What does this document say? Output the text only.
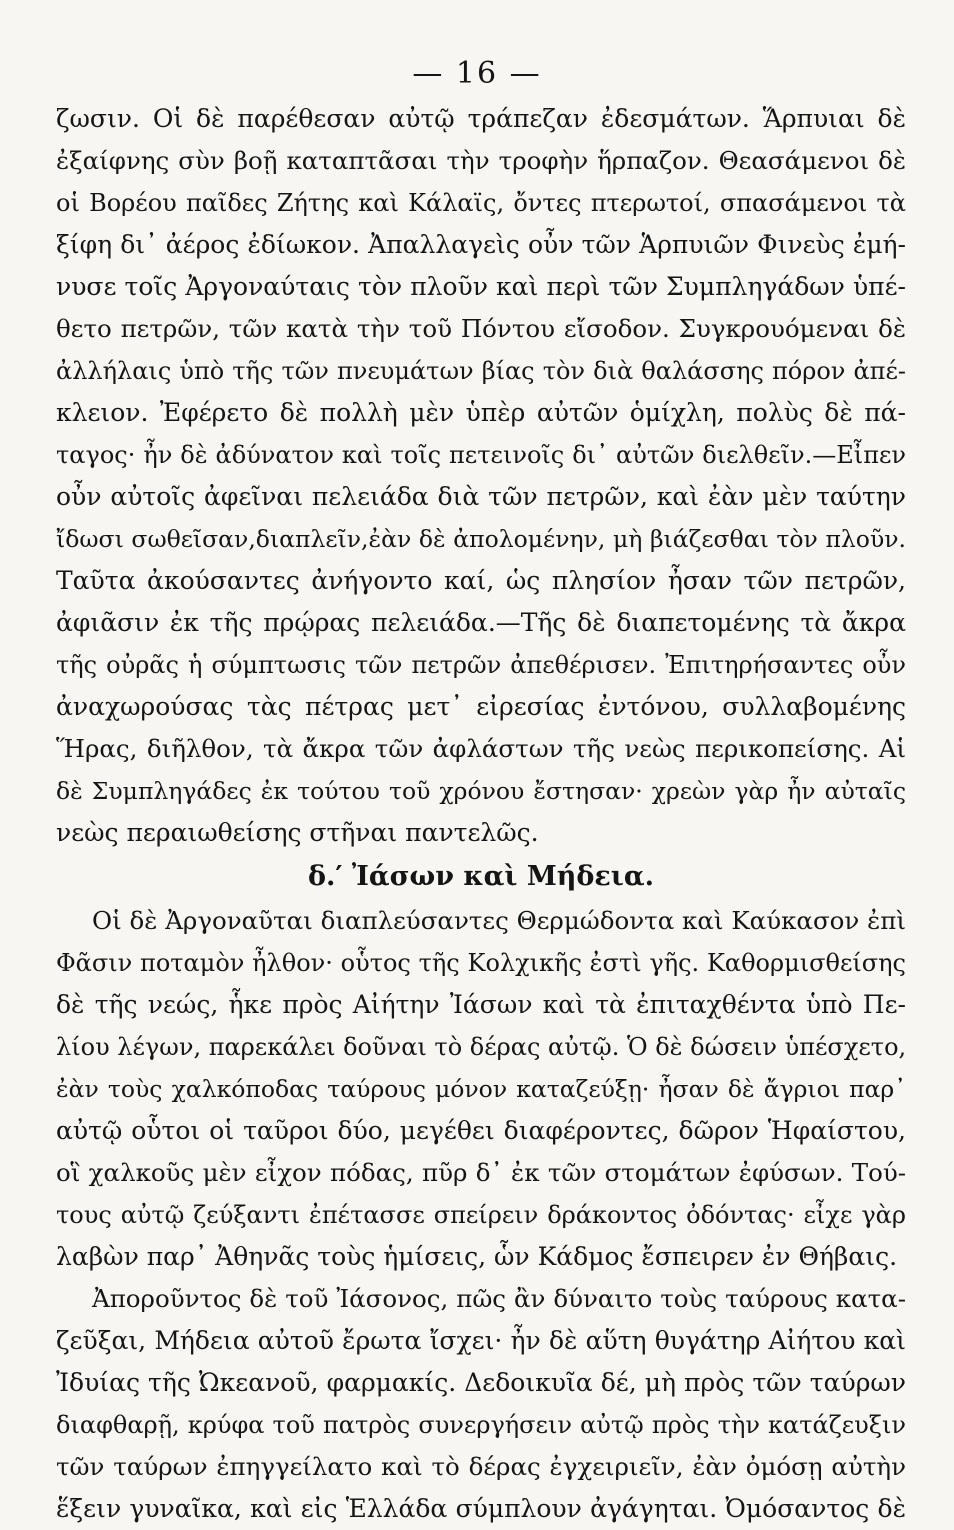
— 16 —
ζωσιν. Οἱ δὲ παρέθεσαν αὐτῷ τράπεζαν ἐδεσμάτων. Ἅρπυιαι δὲ
ἐξαίφνης σὺν βοῇ καταπτᾶσαι τὴν τροφὴν ἥρπαζον. Θεασάμενοι δὲ
οἱ Βορέου παῖδες Ζήτης καὶ Κάλαϊς, ὄντες πτερωτοί, σπασάμενοι τὰ
ξίφη δι᾽ ἀέρος ἐδίωκον. Ἀπαλλαγεὶς οὖν τῶν Ἁρπυιῶν Φινεὺς ἐμή-
νυσε τοῖς Ἀργοναύταις τὸν πλοῦν καὶ περὶ τῶν Συμπληγάδων ὑπέ-
θετο πετρῶν, τῶν κατὰ τὴν τοῦ Πόντου εἴσοδον. Συγκρουόμεναι δὲ
ἀλλήλαις ὑπὸ τῆς τῶν πνευμάτων βίας τὸν διὰ θαλάσσης πόρον ἀπέ-
κλειον. Ἐφέρετο δὲ πολλὴ μὲν ὑπὲρ αὐτῶν ὁμίχλη, πολὺς δὲ πά-
ταγος· ἦν δὲ ἀδύνατον καὶ τοῖς πετεινοῖς δι᾽ αὐτῶν διελθεῖν.—Εἶπεν
οὖν αὐτοῖς ἀφεῖναι πελειάδα διὰ τῶν πετρῶν, καὶ ἐὰν μὲν ταύτην
ἴδωσι σωθεῖσαν,διαπλεῖν,ἐὰν δὲ ἀπολομένην, μὴ βιάζεσθαι τὸν πλοῦν.
Ταῦτα ἀκούσαντες ἀνήγοντο καί, ὡς πλησίον ἦσαν τῶν πετρῶν,
ἀφιᾶσιν ἐκ τῆς πρῴρας πελειάδα.—Τῆς δὲ διαπετομένης τὰ ἄκρα
τῆς οὐρᾶς ἡ σύμπτωσις τῶν πετρῶν ἀπεθέρισεν. Ἐπιτηρήσαντες οὖν
ἀναχωρούσας τὰς πέτρας μετ᾽ εἰρεσίας ἐντόνου, συλλαβομένης
Ἥρας, διῆλθον, τὰ ἄκρα τῶν ἀφλάστων τῆς νεὼς περικοπείσης. Αἱ
δὲ Συμπληγάδες ἐκ τούτου τοῦ χρόνου ἔστησαν· χρεὼν γὰρ ἦν αὐταῖς
νεὼς περαιωθείσης στῆναι παντελῶς.
δ.′ Ἰάσων καὶ Μήδεια.
Οἱ δὲ Ἀργοναῦται διαπλεύσαντες Θερμώδοντα καὶ Καύκασον ἐπὶ
Φᾶσιν ποταμὸν ἦλθον· οὗτος τῆς Κολχικῆς ἐστὶ γῆς. Καθορμισθείσης
δὲ τῆς νεώς, ἧκε πρὸς Αἰήτην Ἰάσων καὶ τὰ ἐπιταχθέντα ὑπὸ Πε-
λίου λέγων, παρεκάλει δοῦναι τὸ δέρας αὐτῷ. Ὁ δὲ δώσειν ὑπέσχετο,
ἐὰν τοὺς χαλκόποδας ταύρους μόνον καταζεύξῃ· ἦσαν δὲ ἄγριοι παρ᾽
αὐτῷ οὗτοι οἱ ταῦροι δύο, μεγέθει διαφέροντες, δῶρον Ἡφαίστου,
οἳ χαλκοῦς μὲν εἶχον πόδας, πῦρ δ᾽ ἐκ τῶν στομάτων ἐφύσων. Τού-
τους αὐτῷ ζεύξαντι ἐπέτασσε σπείρειν δράκοντος ὀδόντας· εἶχε γὰρ
λαβὼν παρ᾽ Ἀθηνᾶς τοὺς ἡμίσεις, ὧν Κάδμος ἔσπειρεν ἐν Θήβαις.
Ἀποροῦντος δὲ τοῦ Ἰάσονος, πῶς ἂν δύναιτο τοὺς ταύρους κατα-
ζεῦξαι, Μήδεια αὐτοῦ ἔρωτα ἴσχει· ἦν δὲ αὕτη θυγάτηρ Αἰήτου καὶ
Ἰδυίας τῆς Ὠκεανοῦ, φαρμακίς. Δεδοικυῖα δέ, μὴ πρὸς τῶν ταύρων
διαφθαρῇ, κρύφα τοῦ πατρὸς συνεργήσειν αὐτῷ πρὸς τὴν κατάζευξιν
τῶν ταύρων ἐπηγγείλατο καὶ τὸ δέρας ἐγχειριεῖν, ἐὰν ὀμόσῃ αὐτὴν
ἕξειν γυναῖκα, καὶ εἰς Ἑλλάδα σύμπλουν ἀγάγηται. Ὀμόσαντος δὲ
